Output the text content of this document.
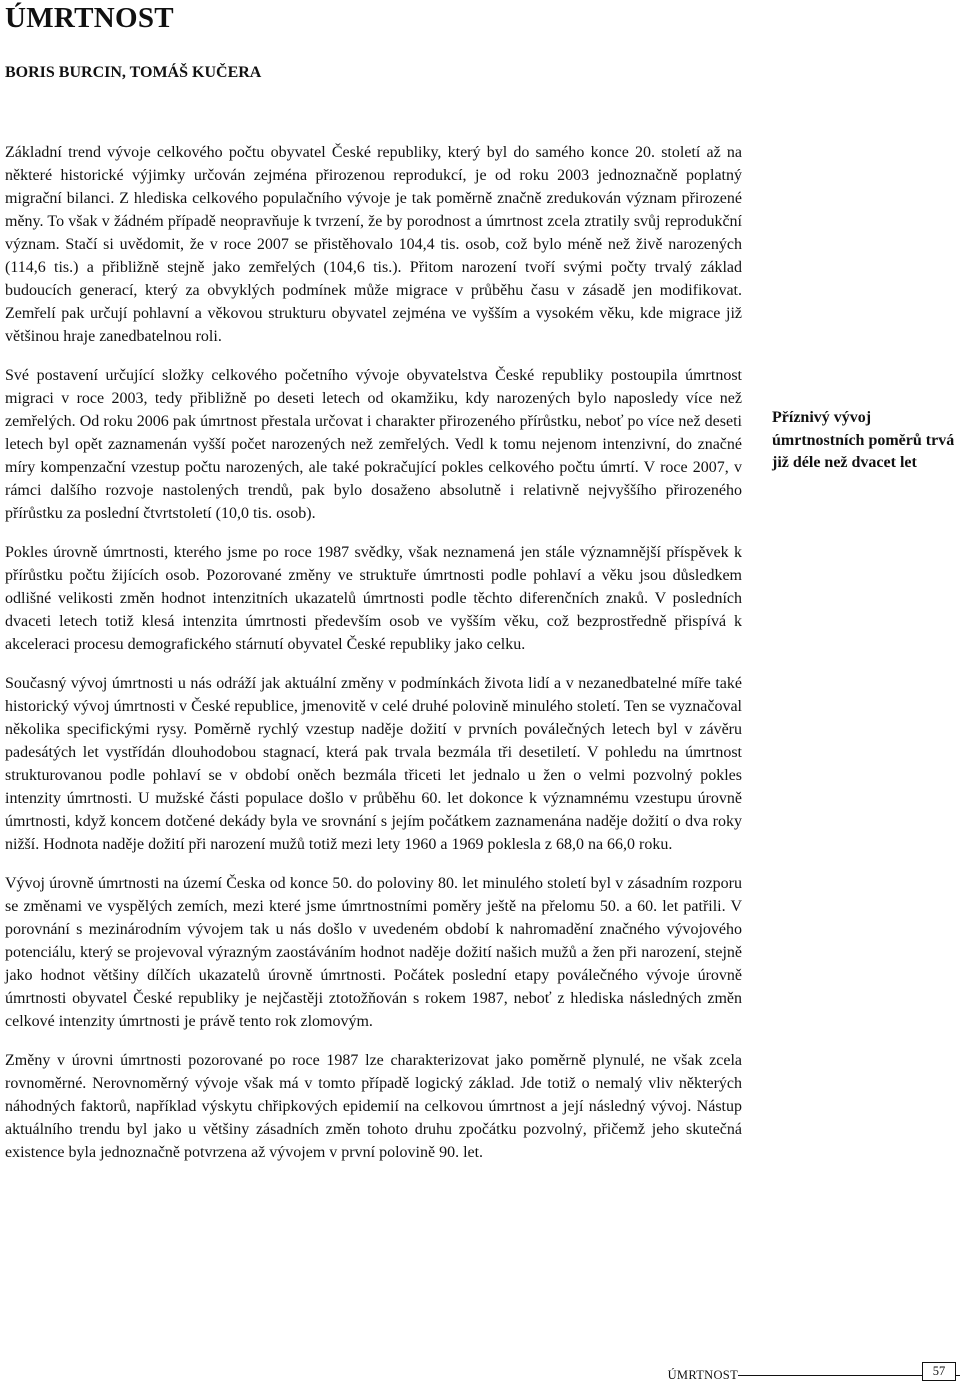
ÚMRTNOST
BORIS BURCIN, TOMÁŠ KUČERA

Základní trend vývoje celkového počtu obyvatel České republiky, který byl do samého konce 20. století až na některé historické výjimky určován zejména přirozenou reprodukcí, je od roku 2003 jednoznačně poplatný migrační bilanci. Z hlediska celkového populačního vývoje je tak poměrně značně zredukován význam přirozené měny. To však v žádném případě neopravňuje k tvrzení, že by porodnost a úmrtnost zcela ztratily svůj reprodukční význam. Stačí si uvědomit, že v roce 2007 se přistěhovalo 104,4 tis. osob, což bylo méně než živě narozených (114,6 tis.) a přibližně stejně jako zemřelých (104,6 tis.). Přitom narození tvoří svými počty trvalý základ budoucích generací, který za obvyklých podmínek může migrace v průběhu času v zásadě jen modifikovat. Zemřelí pak určují pohlavní a věkovou strukturu obyvatel zejména ve vyšším a vysokém věku, kde migrace již většinou hraje zanedbatelnou roli.

Své postavení určující složky celkového početního vývoje obyvatelstva České republiky postoupila úmrtnost migraci v roce 2003, tedy přibližně po deseti letech od okamžiku, kdy narozených bylo naposledy více než zemřelých. Od roku 2006 pak úmrtnost přestala určovat i charakter přirozeného přírůstku, neboť po více než deseti letech byl opět zaznamenán vyšší počet narozených než zemřelých. Vedl k tomu nejenom intenzivní, do značné míry kompenzační vzestup počtu narozených, ale také pokračující pokles celkového počtu úmrtí. V roce 2007, v rámci dalšího rozvoje nastolených trendů, pak bylo dosaženo absolutně i relativně nejvyššího přirozeného přírůstku za poslední čtvrtstoletí (10,0 tis. osob).

Pokles úrovně úmrtnosti, kterého jsme po roce 1987 svědky, však neznamená jen stále významnější příspěvek k přírůstku počtu žijících osob. Pozorované změny ve struktuře úmrtnosti podle pohlaví a věku jsou důsledkem odlišné velikosti změn hodnot intenzitních ukazatelů úmrtnosti podle těchto diferenčních znaků. V posledních dvaceti letech totiž klesá intenzita úmrtnosti především osob ve vyšším věku, což bezprostředně přispívá k akceleraci procesu demografického stárnutí obyvatel České republiky jako celku.

Současný vývoj úmrtnosti u nás odráží jak aktuální změny v podmínkách života lidí a v nezanedbatelné míře také historický vývoj úmrtnosti v České republice, jmenovitě v celé druhé polovině minulého století. Ten se vyznačoval několika specifickými rysy. Poměrně rychlý vzestup naděje dožití v prvních poválečných letech byl v závěru padesátých let vystřídán dlouhodobou stagnací, která pak trvala bezmála tři desetiletí. V pohledu na úmrtnost strukturovanou podle pohlaví se v období oněch bezmála třiceti let jednalo u žen o velmi pozvolný pokles intenzity úmrtnosti. U mužské části populace došlo v průběhu 60. let dokonce k významnému vzestupu úrovně úmrtnosti, když koncem dotčené dekády byla ve srovnání s jejím počátkem zaznamenána naděje dožití o dva roky nižší. Hodnota naděje dožití při narození mužů totiž mezi lety 1960 a 1969 poklesla z 68,0 na 66,0 roku.

Vývoj úrovně úmrtnosti na území Česka od konce 50. do poloviny 80. let minulého století byl v zásadním rozporu se změnami ve vyspělých zemích, mezi které jsme úmrtnostními poměry ještě na přelomu 50. a 60. let patřili. V porovnání s mezinárodním vývojem tak u nás došlo v uvedeném období k nahromadění značného vývojového potenciálu, který se projevoval výrazným zaostáváním hodnot naděje dožití našich mužů a žen při narození, stejně jako hodnot většiny dílčích ukazatelů úrovně úmrtnosti. Počátek poslední etapy poválečného vývoje úrovně úmrtnosti obyvatel České republiky je nejčastěji ztotožňován s rokem 1987, neboť z hlediska následných změn celkové intenzity úmrtnosti je právě tento rok zlomovým.

Změny v úrovni úmrtnosti pozorované po roce 1987 lze charakterizovat jako poměrně plynulé, ne však zcela rovnoměrné. Nerovnoměrný vývoje však má v tomto případě logický základ. Jde totiž o nemalý vliv některých náhodných faktorů, například výskytu chřipkových epidemií na celkovou úmrtnost a její následný vývoj. Nástup aktuálního trendu byl jako u většiny zásadních změn tohoto druhu zpočátku pozvolný, přičemž jeho skutečná existence byla jednoznačně potvrzena až vývojem v první polovině 90. let.

Příznivý vývoj úmrtnostních poměrů trvá již déle než dvacet let

ÚMRTNOST	57
